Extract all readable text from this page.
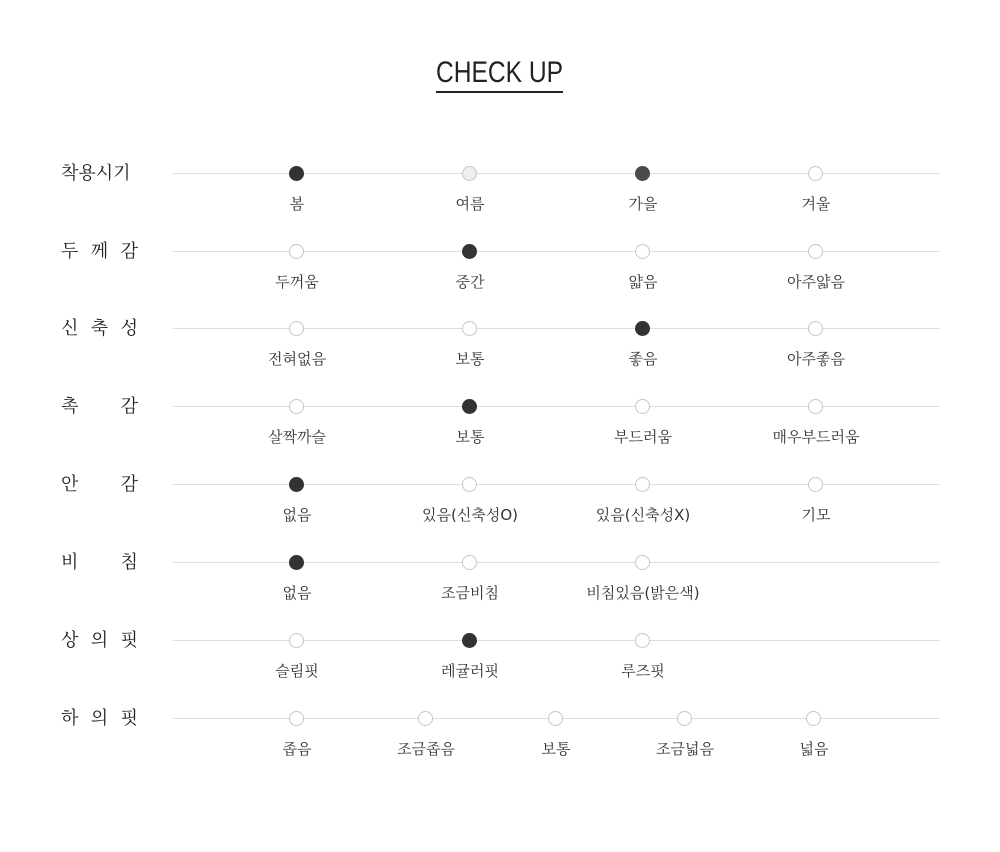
CHECK UP
착용시기
봄	여름	가을	겨울
두 께 감
두꺼움	중간	얇음	아주얇음
신 축 성
전혀없음	보통	좋음	아주좋음
촉 감
살짝까슬	보통	부드러움	매우부드러움
안 감
없음	있음(신축성O)	있음(신축성X)	기모
비 침
없음	조금비침	비침있음(밝은색)
상 의 핏
슬림핏	레귤러핏	루즈핏
하 의 핏
좁음	조금좁음	보통	조금넓음	넓음
